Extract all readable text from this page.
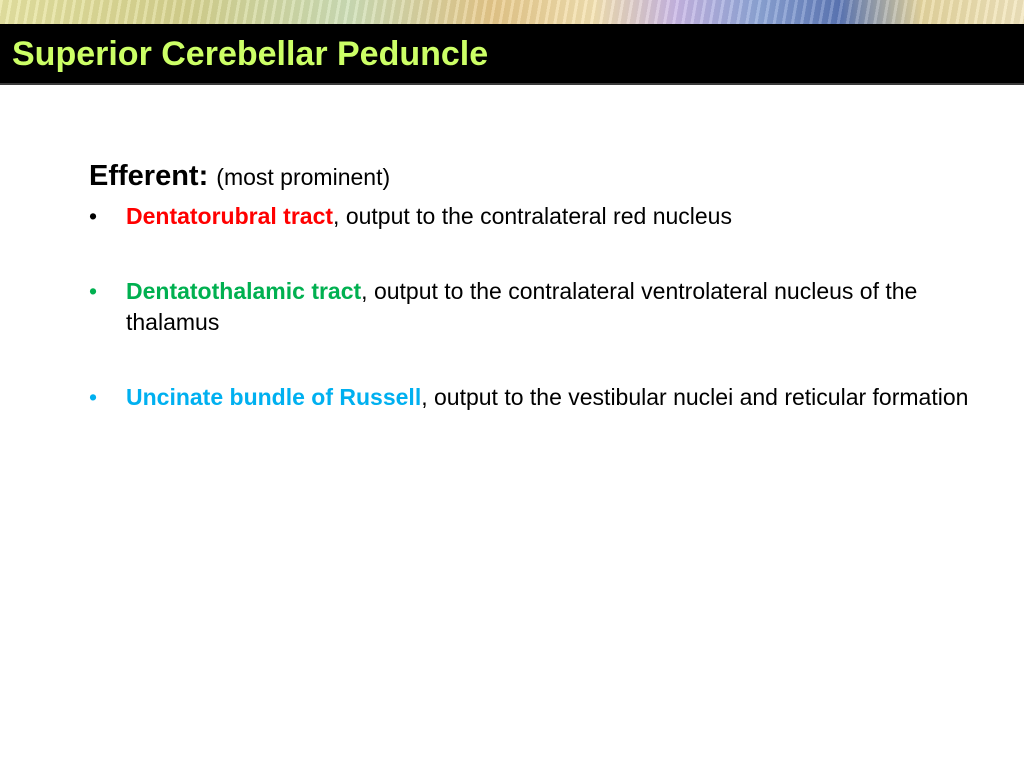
Superior Cerebellar Peduncle

Efferent: (most prominent)

• Dentatorubral tract, output to the contralateral red nucleus
• Dentatothalamic tract, output to the contralateral ventrolateral nucleus of the thalamus
• Uncinate bundle of Russell, output to the vestibular nuclei and reticular formation
